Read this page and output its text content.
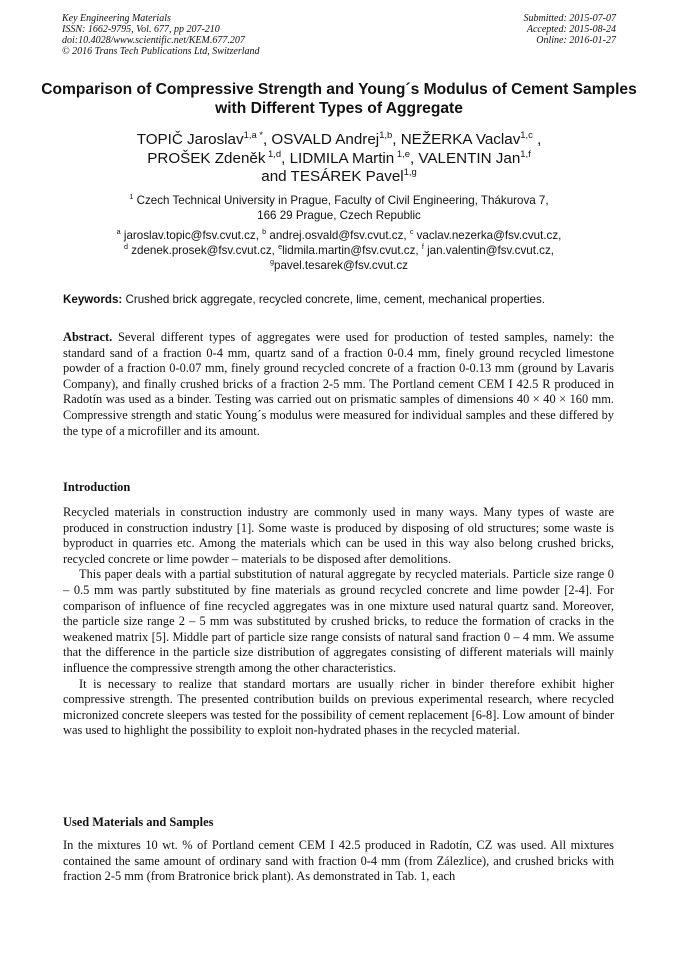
Key Engineering Materials
ISSN: 1662-9795, Vol. 677, pp 207-210
doi:10.4028/www.scientific.net/KEM.677.207
© 2016 Trans Tech Publications Ltd, Switzerland
Submitted: 2015-07-07
Accepted: 2015-08-24
Online: 2016-01-27
Comparison of Compressive Strength and Young´s Modulus of Cement Samples with Different Types of Aggregate
TOPIČ Jaroslav$^{1,a *}$, OSVALD Andrej$^{1,b}$, NEŽERKA Vaclav$^{1,c}$ ,
PROŠEK Zdeněk $^{1,d}$, LIDMILA Martin $^{1,e}$, VALENTIN Jan$^{1,f}$
and TESÁREK Pavel$^{1,g}$
$^1$ Czech Technical University in Prague, Faculty of Civil Engineering, Thákurova 7,
166 29 Prague, Czech Republic
$^a$ jaroslav.topic@fsv.cvut.cz, $^b$ andrej.osvald@fsv.cvut.cz, $^c$ vaclav.nezerka@fsv.cvut.cz,
$^d$ zdenek.prosek@fsv.cvut.cz, $^e$lidmila.martin@fsv.cvut.cz, $^f$ jan.valentin@fsv.cvut.cz,
$^g$pavel.tesarek@fsv.cvut.cz
Keywords: Crushed brick aggregate, recycled concrete, lime, cement, mechanical properties.

Abstract. Several different types of aggregates were used for production of tested samples, namely: the standard sand of a fraction 0-4 mm, quartz sand of a fraction 0-0.4 mm, finely ground recycled limestone powder of a fraction 0-0.07 mm, finely ground recycled concrete of a fraction 0-0.13 mm (ground by Lavaris Company), and finally crushed bricks of a fraction 2-5 mm. The Portland cement CEM I 42.5 R produced in Radotín was used as a binder. Testing was carried out on prismatic samples of dimensions 40 × 40 × 160 mm. Compressive strength and static Young´s modulus were measured for individual samples and these differed by the type of a microfiller and its amount.

Introduction

Recycled materials in construction industry are commonly used in many ways. Many types of waste are produced in construction industry [1]. Some waste is produced by disposing of old structures; some waste is byproduct in quarries etc. Among the materials which can be used in this way also belong crushed bricks, recycled concrete or lime powder – materials to be disposed after demolitions.

This paper deals with a partial substitution of natural aggregate by recycled materials. Particle size range 0 – 0.5 mm was partly substituted by fine materials as ground recycled concrete and lime powder [2-4]. For comparison of influence of fine recycled aggregates was in one mixture used natural quartz sand. Moreover, the particle size range 2 – 5 mm was substituted by crushed bricks, to reduce the formation of cracks in the weakened matrix [5]. Middle part of particle size range consists of natural sand fraction 0 – 4 mm. We assume that the difference in the particle size distribution of aggregates consisting of different materials will mainly influence the compressive strength among the other characteristics.

It is necessary to realize that standard mortars are usually richer in binder therefore exhibit higher compressive strength. The presented contribution builds on previous experimental research, where recycled micronized concrete sleepers was tested for the possibility of cement replacement [6-8]. Low amount of binder was used to highlight the possibility to exploit non-hydrated phases in the recycled material.

Used Materials and Samples

In the mixtures 10 wt. % of Portland cement CEM I 42.5 produced in Radotín, CZ was used. All mixtures contained the same amount of ordinary sand with fraction 0-4 mm (from Zálezlice), and crushed bricks with fraction 2-5 mm (from Bratronice brick plant). As demonstrated in Tab. 1, each
